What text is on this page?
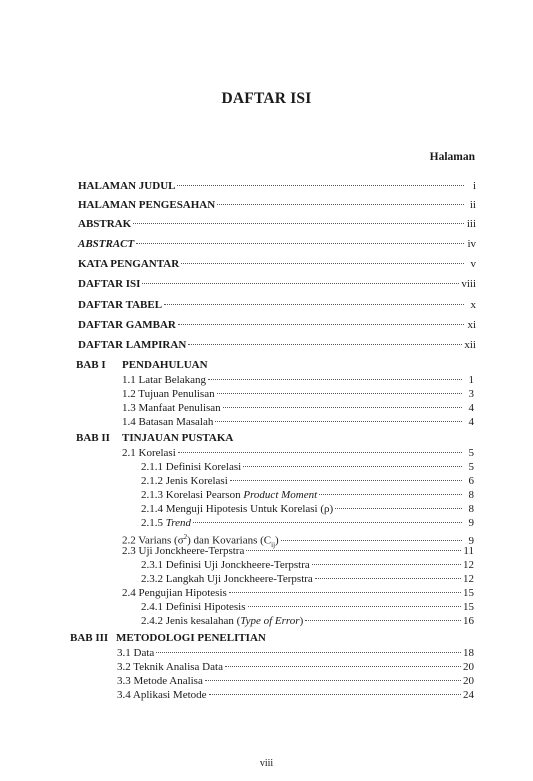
DAFTAR ISI
Halaman
HALAMAN JUDUL	i
HALAMAN PENGESAHAN	ii
ABSTRAK	iii
ABSTRACT	iv
KATA PENGANTAR	v
DAFTAR ISI	viii
DAFTAR TABEL	x
DAFTAR GAMBAR	xi
DAFTAR LAMPIRAN	xii
BAB I PENDAHULUAN
1.1 Latar Belakang	1
1.2 Tujuan Penulisan	3
1.3 Manfaat Penulisan	4
1.4 Batasan Masalah	4
BAB II TINJAUAN PUSTAKA
2.1 Korelasi	5
2.1.1 Definisi Korelasi	5
2.1.2 Jenis Korelasi	6
2.1.3 Korelasi Pearson Product Moment	8
2.1.4 Menguji Hipotesis Untuk Korelasi (ρ)	8
2.1.5 Trend	9
2.2 Varians $(\sigma^2)$ dan Kovarians $(C_{ij})$	9
2.3 Uji Jonckheere-Terpstra	11
2.3.1 Definisi Uji Jonckheere-Terpstra	12
2.3.2 Langkah Uji Jonckheere-Terpstra	12
2.4 Pengujian Hipotesis	15
2.4.1 Definisi Hipotesis	15
2.4.2 Jenis kesalahan (Type of Error)	16
BAB III METODOLOGI PENELITIAN
3.1 Data	18
3.2 Teknik Analisa Data	20
3.3 Metode Analisa	20
3.4 Aplikasi Metode	24
viii
